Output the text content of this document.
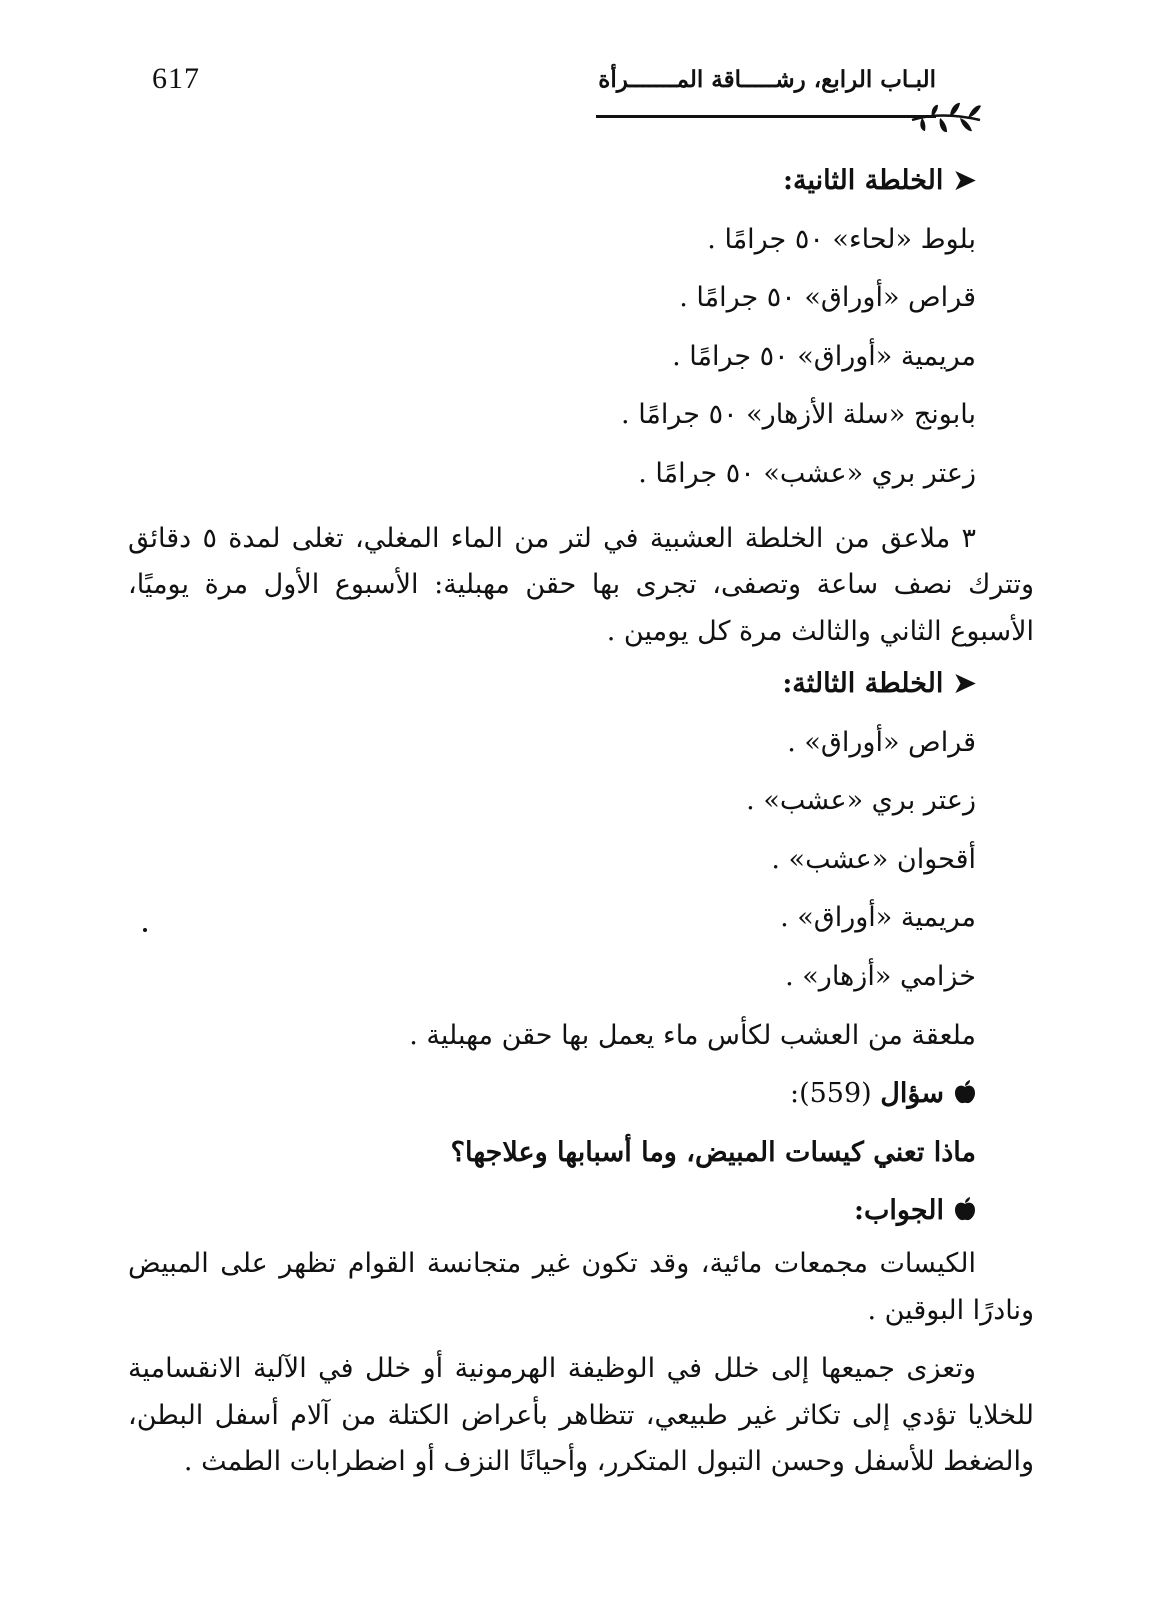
617	البـاب الرابع، رشـــــاقة المـــــــرأة
➤الخلطة الثانية:
بلوط «لحاء» ٥٠ جرامًا .
قراص «أوراق» ٥٠ جرامًا .
مريمية «أوراق» ٥٠ جرامًا .
بابونج «سلة الأزهار» ٥٠ جرامًا .
زعتر بري «عشب» ٥٠ جرامًا .
٣ ملاعق من الخلطة العشبية في لتر من الماء المغلي، تغلى لمدة ٥ دقائق
وتترك نصف ساعة وتصفى، تجرى بها حقن مهبلية: الأسبوع الأول مرة يوميًا،
الأسبوع الثاني والثالث مرة كل يومين .
➤الخلطة الثالثة:
قراص «أوراق» .
زعتر بري «عشب» .
أقحوان «عشب» .
مريمية «أوراق» .
خزامي «أزهار» .
ملعقة من العشب لكأس ماء يعمل بها حقن مهبلية .
سؤال (559):
ماذا تعني كيسات المبيض، وما أسبابها وعلاجها؟
الجواب:
الكيسات مجمعات مائية، وقد تكون غير متجانسة القوام تظهر على المبيض
ونادرًا البوقين .
وتعزى جميعها إلى خلل في الوظيفة الهرمونية أو خلل في الآلية الانقسامية
للخلايا تؤدي إلى تكاثر غير طبيعي، تتظاهر بأعراض الكتلة من آلام أسفل البطن،
والضغط للأسفل وحسن التبول المتكرر، وأحيانًا النزف أو اضطرابات الطمث .
